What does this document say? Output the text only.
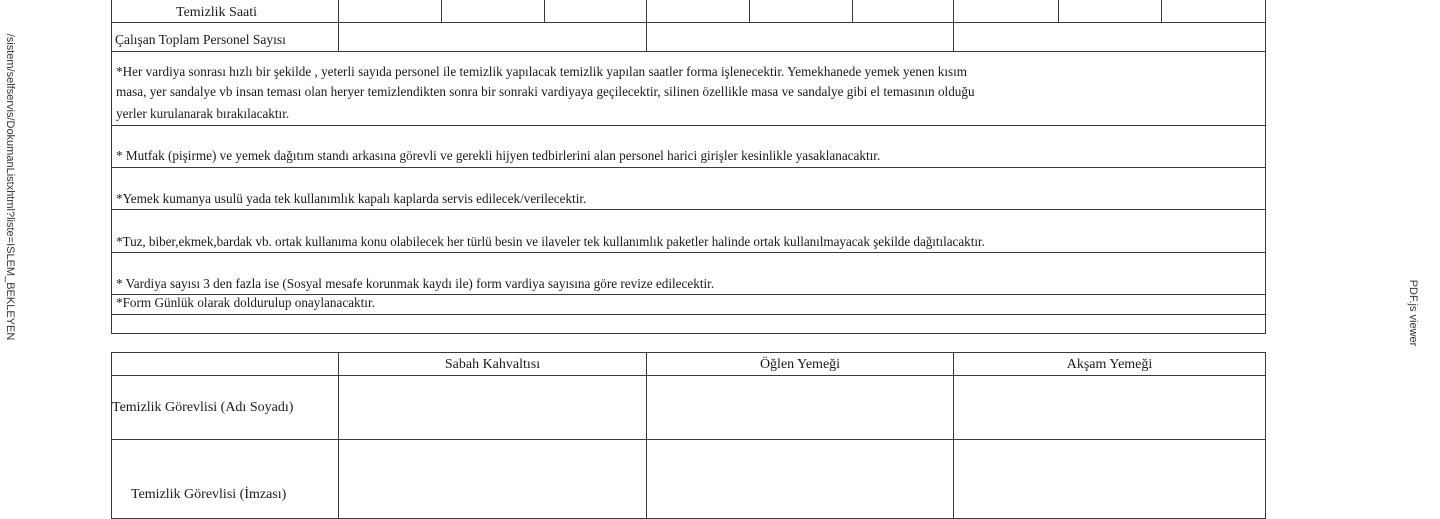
/sistem/selfservis/DokumanListxhtml?liste=ISLEM_BEKLEYEN	PDF.js viewer
Temizlik Saati
Çalışan Toplam Personel Sayısı
*Her vardiya sonrası hızlı bir şekilde , yeterli sayıda personel ile temizlik yapılacak temizlik yapılan saatler forma işlenecektir. Yemekhanede yemek yenen kısım
masa, yer sandalye vb insan teması olan heryer temizlendikten sonra bir sonraki vardiyaya geçilecektir, silinen özellikle masa ve sandalye gibi el temasının olduğu
yerler kurulanarak bırakılacaktır.
* Mutfak (pişirme) ve yemek dağıtım standı arkasına görevli ve gerekli hijyen tedbirlerini alan personel harici girişler kesinlikle yasaklanacaktır.
*Yemek kumanya usulü yada tek kullanımlık kapalı kaplarda servis edilecek/verilecektir.
*Tuz, biber,ekmek,bardak vb. ortak kullanıma konu olabilecek her türlü besin ve ilaveler tek kullanımlık paketler halinde ortak kullanılmayacak şekilde dağıtılacaktır.
* Vardiya sayısı 3 den fazla ise (Sosyal mesafe korunmak kaydı ile) form vardiya sayısına göre revize edilecektir.
*Form Günlük olarak doldurulup onaylanacaktır.
Sabah Kahvaltısı	Öğlen Yemeği	Akşam Yemeği
Temizlik Görevlisi (Adı Soyadı)
Temizlik Görevlisi (İmzası)
